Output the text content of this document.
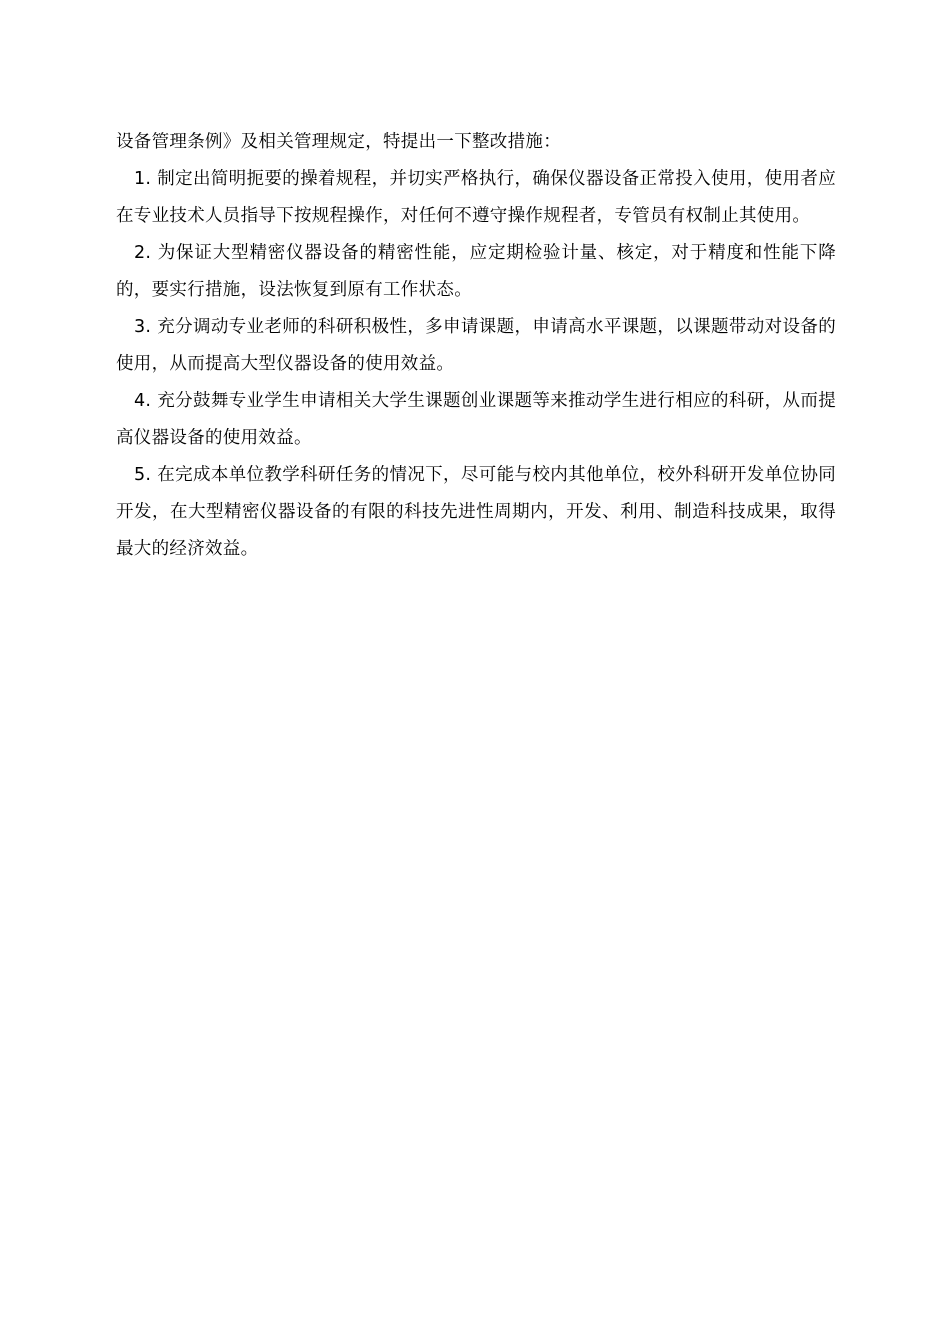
设备管理条例》及相关管理规定，特提出一下整改措施：

1. 制定出简明扼要的操着规程，并切实严格执行，确保仪器设备正常投入使用，使用者应在专业技术人员指导下按规程操作，对任何不遵守操作规程者，专管员有权制止其使用。

2. 为保证大型精密仪器设备的精密性能，应定期检验计量、核定，对于精度和性能下降的，要实行措施，设法恢复到原有工作状态。

3. 充分调动专业老师的科研积极性，多申请课题，申请高水平课题，以课题带动对设备的使用，从而提高大型仪器设备的使用效益。

4. 充分鼓舞专业学生申请相关大学生课题创业课题等来推动学生进行相应的科研，从而提高仪器设备的使用效益。

5. 在完成本单位教学科研任务的情况下，尽可能与校内其他单位，校外科研开发单位协同开发，在大型精密仪器设备的有限的科技先进性周期内，开发、利用、制造科技成果，取得最大的经济效益。
